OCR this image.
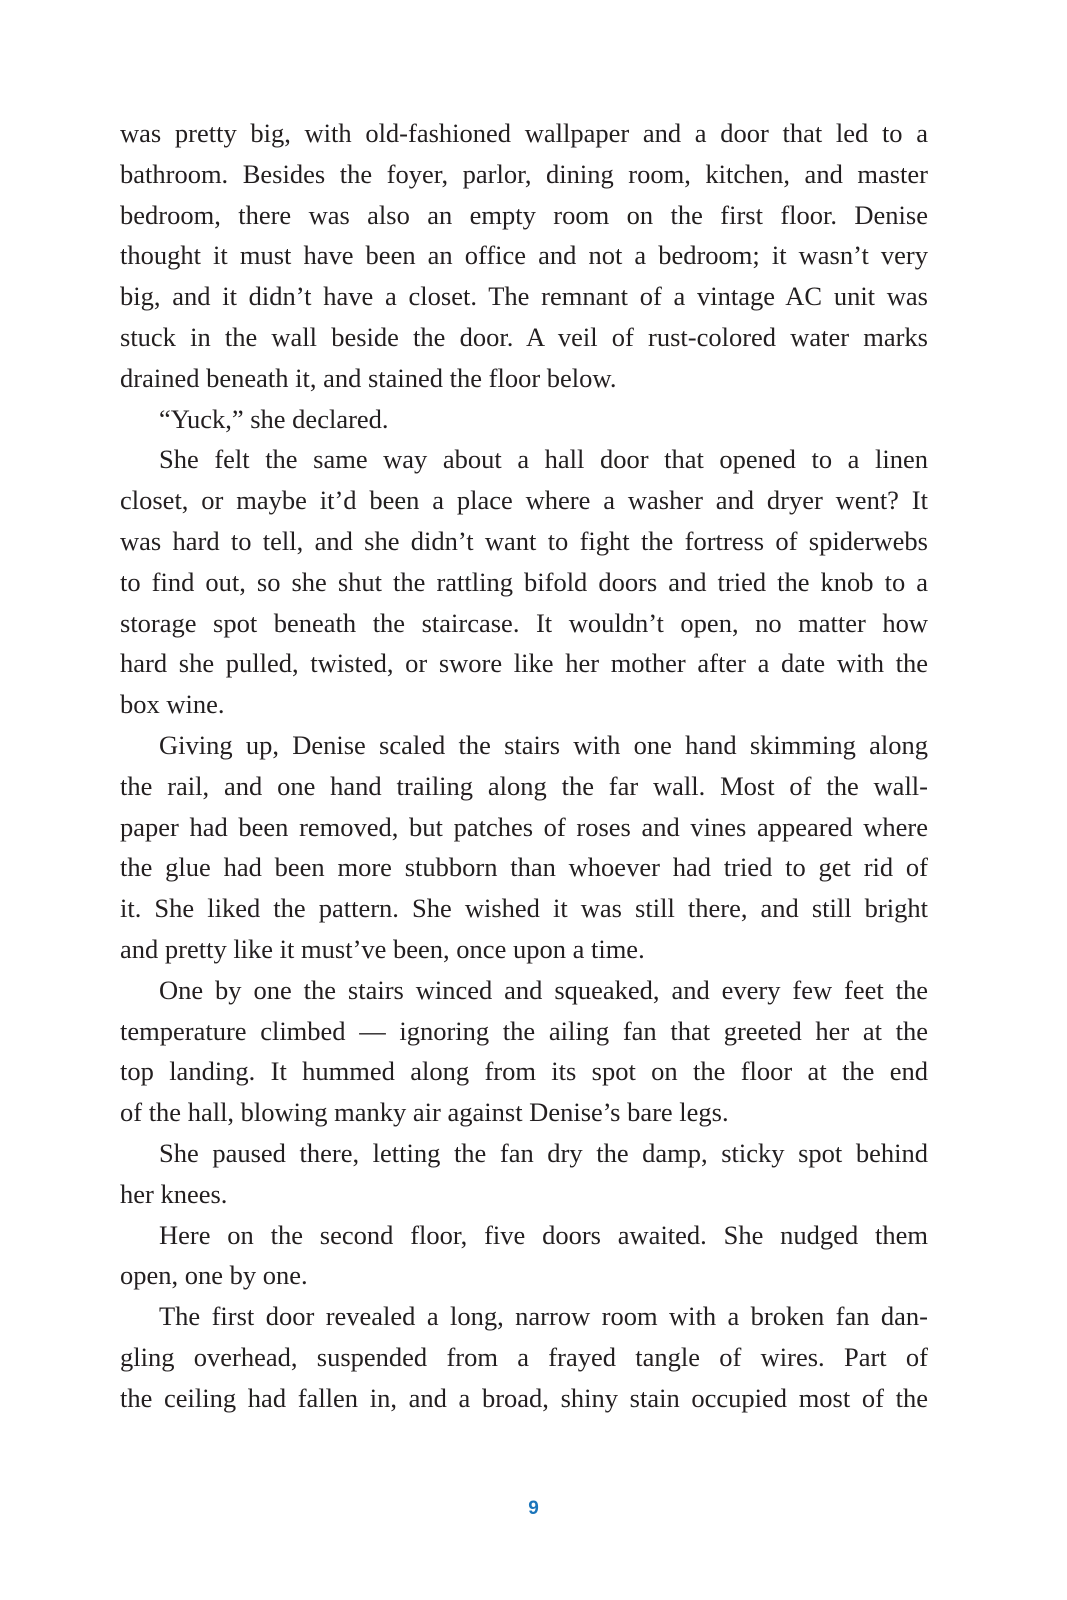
was pretty big, with old-fashioned wallpaper and a door that led to a
bathroom. Besides the foyer, parlor, dining room, kitchen, and master
bedroom, there was also an empty room on the first floor. Denise
thought it must have been an office and not a bedroom; it wasn’t very
big, and it didn’t have a closet. The remnant of a vintage AC unit was
stuck in the wall beside the door. A veil of rust-colored water marks
drained beneath it, and stained the floor below.
“Yuck,” she declared.
She felt the same way about a hall door that opened to a linen
closet, or maybe it’d been a place where a washer and dryer went? It
was hard to tell, and she didn’t want to fight the fortress of spiderwebs
to find out, so she shut the rattling bifold doors and tried the knob to a
storage spot beneath the staircase. It wouldn’t open, no matter how
hard she pulled, twisted, or swore like her mother after a date with the
box wine.
Giving up, Denise scaled the stairs with one hand skimming along
the rail, and one hand trailing along the far wall. Most of the wall-
paper had been removed, but patches of roses and vines appeared where
the glue had been more stubborn than whoever had tried to get rid of
it. She liked the pattern. She wished it was still there, and still bright
and pretty like it must’ve been, once upon a time.
One by one the stairs winced and squeaked, and every few feet the
temperature climbed — ignoring the ailing fan that greeted her at the
top landing. It hummed along from its spot on the floor at the end
of the hall, blowing manky air against Denise’s bare legs.
She paused there, letting the fan dry the damp, sticky spot behind
her knees.
Here on the second floor, five doors awaited. She nudged them
open, one by one.
The first door revealed a long, narrow room with a broken fan dan-
gling overhead, suspended from a frayed tangle of wires. Part of
the ceiling had fallen in, and a broad, shiny stain occupied most of the
9
